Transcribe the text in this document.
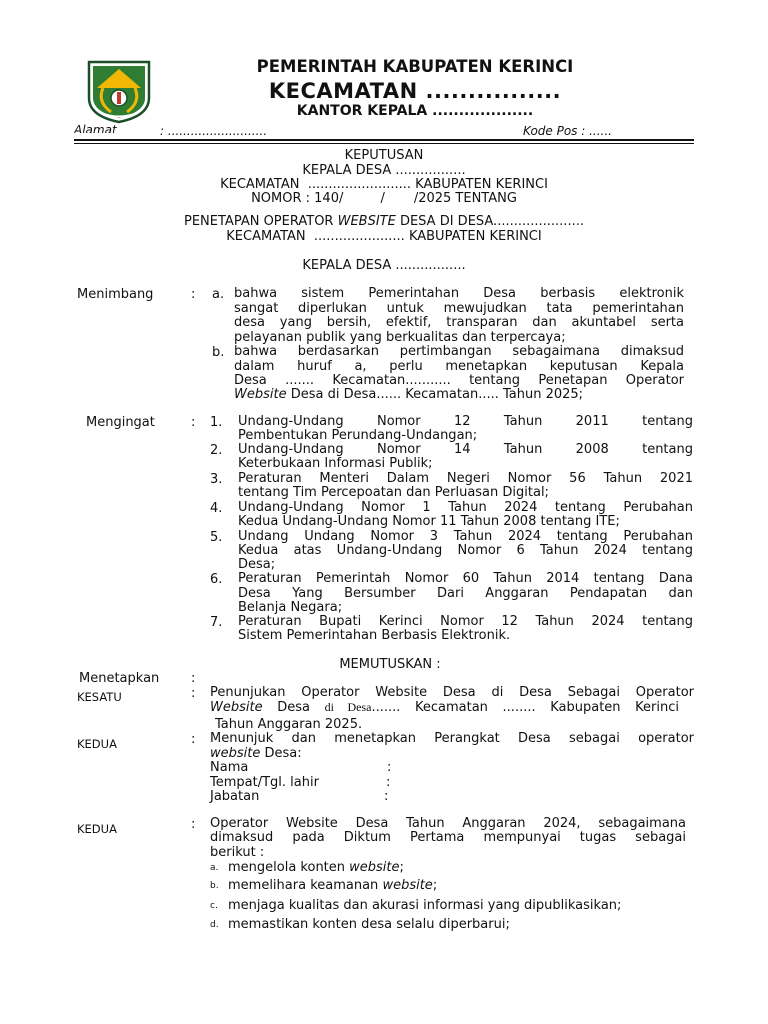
PEMERINTAH KABUPATEN KERINCI
KECAMATAN ................
KANTOR KEPALA ...................
Alamat	: ..........................	Kode Pos : ......
KEPUTUSAN
KEPALA DESA .................
KECAMATAN  ......................... KABUPATEN KERINCI
NOMOR : 140/         /       /2025 TENTANG
PENETAPAN OPERATOR WEBSITE DESA DI DESA......................
KECAMATAN  ...................... KABUPATEN KERINCI
KEPALA DESA .................
Menimbang	: a. bahwa sistem Pemerintahan Desa berbasis elektronik
sangat diperlukan untuk mewujudkan tata pemerintahan
desa yang bersih, efektif, transparan dan akuntabel serta
pelayanan publik yang berkualitas dan terpercaya;
b. bahwa berdasarkan pertimbangan sebagaimana dimaksud
dalam huruf a, perlu menetapkan keputusan Kepala
Desa ....... Kecamatan........... tentang Penetapan Operator
Website Desa di Desa...... Kecamatan..... Tahun 2025;
Mengingat	: 1. Undang-Undang Nomor 12 Tahun 2011 tentang
Pembentukan Perundang-Undangan;
2. Undang-Undang Nomor 14 Tahun 2008 tentang
Keterbukaan Informasi Publik;
3. Peraturan Menteri Dalam Negeri Nomor 56 Tahun 2021
tentang Tim Percepoatan dan Perluasan Digital;
4. Undang-Undang Nomor 1 Tahun 2024 tentang Perubahan
Kedua Undang-Undang Nomor 11 Tahun 2008 tentang ITE;
5. Undang Undang Nomor 3 Tahun 2024 tentang Perubahan
Kedua atas Undang-Undang Nomor 6 Tahun 2024 tentang
Desa;
6. Peraturan Pemerintah Nomor 60 Tahun 2014 tentang Dana
Desa Yang Bersumber Dari Anggaran Pendapatan dan
Belanja Negara;
7. Peraturan Bupati Kerinci Nomor 12 Tahun 2024 tentang
Sistem Pemerintahan Berbasis Elektronik.
MEMUTUSKAN :
Menetapkan :
KESATU	: Penunjukan Operator Website Desa di Desa Sebagai Operator
Website Desa di Desa....... Kecamatan ........ Kabupaten Kerinci
Tahun Anggaran 2025.
KEDUA	: Menunjuk dan menetapkan Perangkat Desa sebagai operator
website Desa:
Nama	:
Tempat/Tgl. lahir	:
Jabatan	:
KEDUA	: Operator Website Desa Tahun Anggaran 2024, sebagaimana
dimaksud pada Diktum Pertama mempunyai tugas sebagai
berikut :
a. mengelola konten website;
b. memelihara keamanan website;
c. menjaga kualitas dan akurasi informasi yang dipublikasikan;
d. memastikan konten desa selalu diperbarui;
